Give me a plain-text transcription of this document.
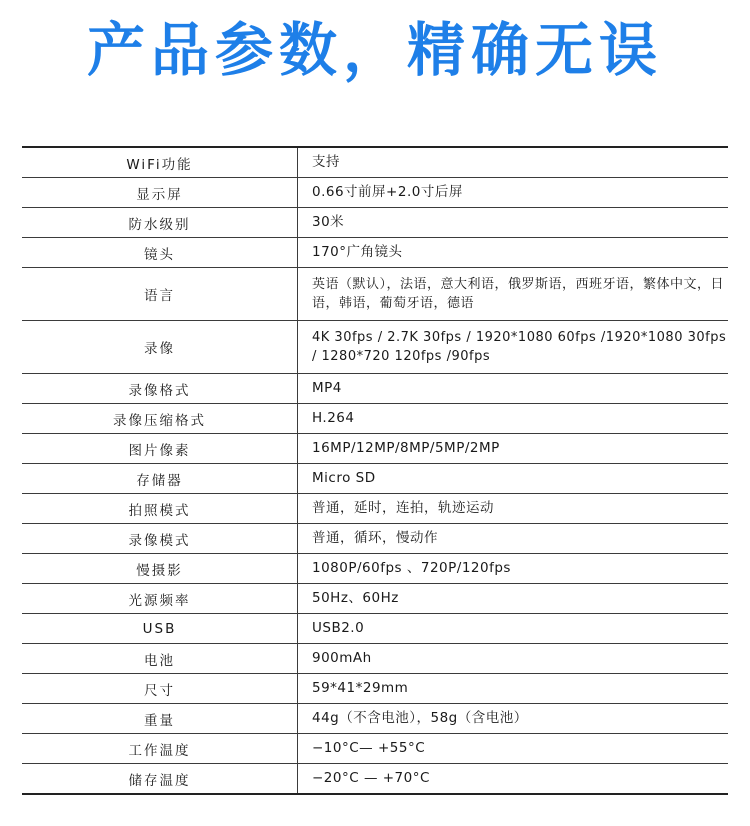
产品参数，精确无误
WiFi功能	支持
显示屏	0.66寸前屏+2.0寸后屏
防水级别	30米
镜头	170°广角镜头
语言	英语（默认），法语，意大利语，俄罗斯语，西班牙语，繁体中文，日语，韩语，葡萄牙语，德语
录像	4K 30fps / 2.7K 30fps / 1920*1080 60fps /1920*1080 30fps / 1280*720 120fps /90fps
录像格式	MP4
录像压缩格式	H.264
图片像素	16MP/12MP/8MP/5MP/2MP
存储器	Micro SD
拍照模式	普通，延时，连拍，轨迹运动
录像模式	普通，循环，慢动作
慢摄影	1080P/60fps 、720P/120fps
光源频率	50Hz、60Hz
USB	USB2.0
电池	900mAh
尺寸	59*41*29mm
重量	44g（不含电池），58g（含电池）
工作温度	−10°C— +55°C
储存温度	−20°C — +70°C
